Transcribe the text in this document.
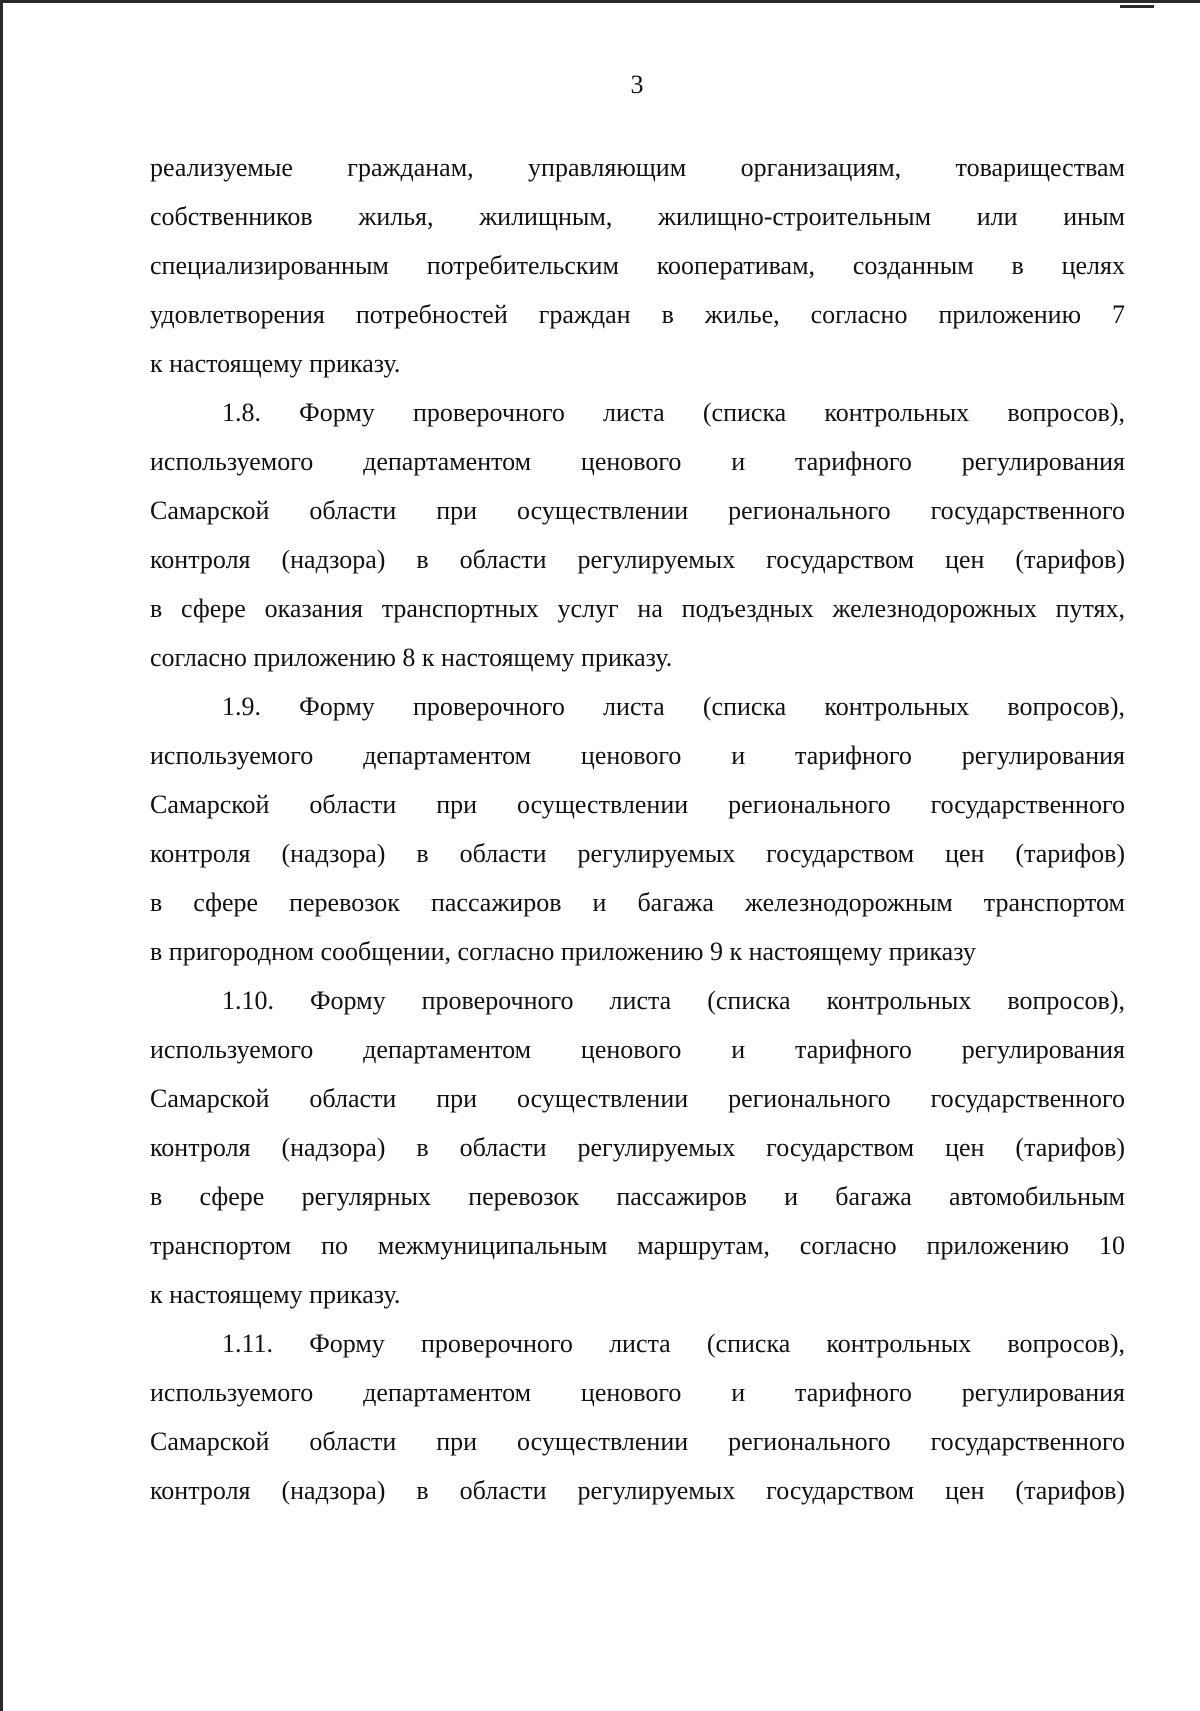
3
реализуемые гражданам, управляющим организациям, товариществам
собственников жилья, жилищным, жилищно-строительным или иным
специализированным потребительским кооперативам, созданным в целях
удовлетворения потребностей граждан в жилье, согласно приложению 7
к настоящему приказу.
1.8. Форму проверочного листа (списка контрольных вопросов),
используемого департаментом ценового и тарифного регулирования
Самарской области при осуществлении регионального государственного
контроля (надзора) в области регулируемых государством цен (тарифов)
в сфере оказания транспортных услуг на подъездных железнодорожных путях,
согласно приложению 8 к настоящему приказу.
1.9. Форму проверочного листа (списка контрольных вопросов),
используемого департаментом ценового и тарифного регулирования
Самарской области при осуществлении регионального государственного
контроля (надзора) в области регулируемых государством цен (тарифов)
в сфере перевозок пассажиров и багажа железнодорожным транспортом
в пригородном сообщении, согласно приложению 9 к настоящему приказу
1.10. Форму проверочного листа (списка контрольных вопросов),
используемого департаментом ценового и тарифного регулирования
Самарской области при осуществлении регионального государственного
контроля (надзора) в области регулируемых государством цен (тарифов)
в сфере регулярных перевозок пассажиров и багажа автомобильным
транспортом по межмуниципальным маршрутам, согласно приложению 10
к настоящему приказу.
1.11. Форму проверочного листа (списка контрольных вопросов),
используемого департаментом ценового и тарифного регулирования
Самарской области при осуществлении регионального государственного
контроля (надзора) в области регулируемых государством цен (тарифов)
